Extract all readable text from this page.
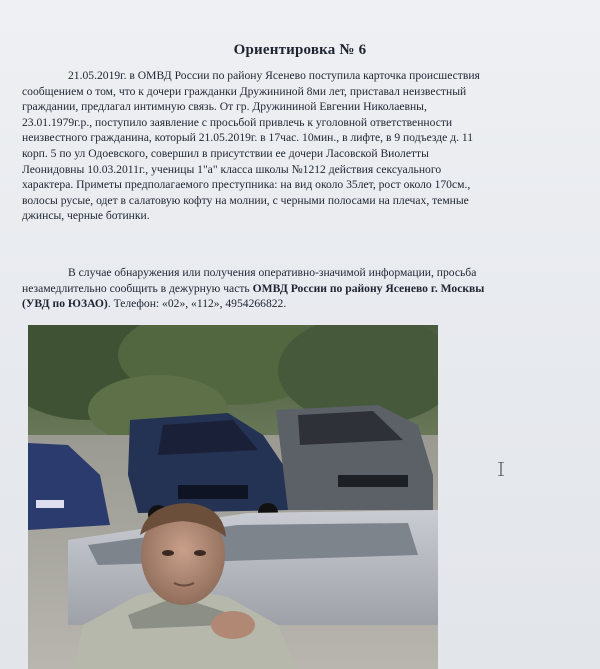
Ориентировка № 6
21.05.2019г. в ОМВД России по району Ясенево поступила карточка происшествия
сообщением о том, что к дочери гражданки Дружининой 8ми лет, приставал неизвестный
граждании, предлагал интимную связь. От гр. Дружининой Евгении Николаевны,
23.01.1979г.р., поступило заявление с просьбой привлечь к уголовной ответственности
неизвестного гражданина, который 21.05.2019г. в 17час. 10мин., в лифте, в 9 подъезде д. 11
корп. 5 по ул Одоевского, совершил в присутствии ее дочери Ласовской Виолетты
Леонидовны 10.03.2011г., ученицы 1"а" класса школы №1212 действия сексуального
характера. Приметы предполагаемого преступника: на вид около 35лет, рост около 170см.,
волосы русые, одет в салатовую кофту на молнии, с черными полосами на плечах, темные
джинсы, черные ботинки.
В случае обнаружения или получения оперативно-значимой информации, просьба
незамедлительно сообщить в дежурную часть ОМВД России по району Ясенево г. Москвы
(УВД по ЮЗАО). Телефон: «02», «112», 4954266822.
